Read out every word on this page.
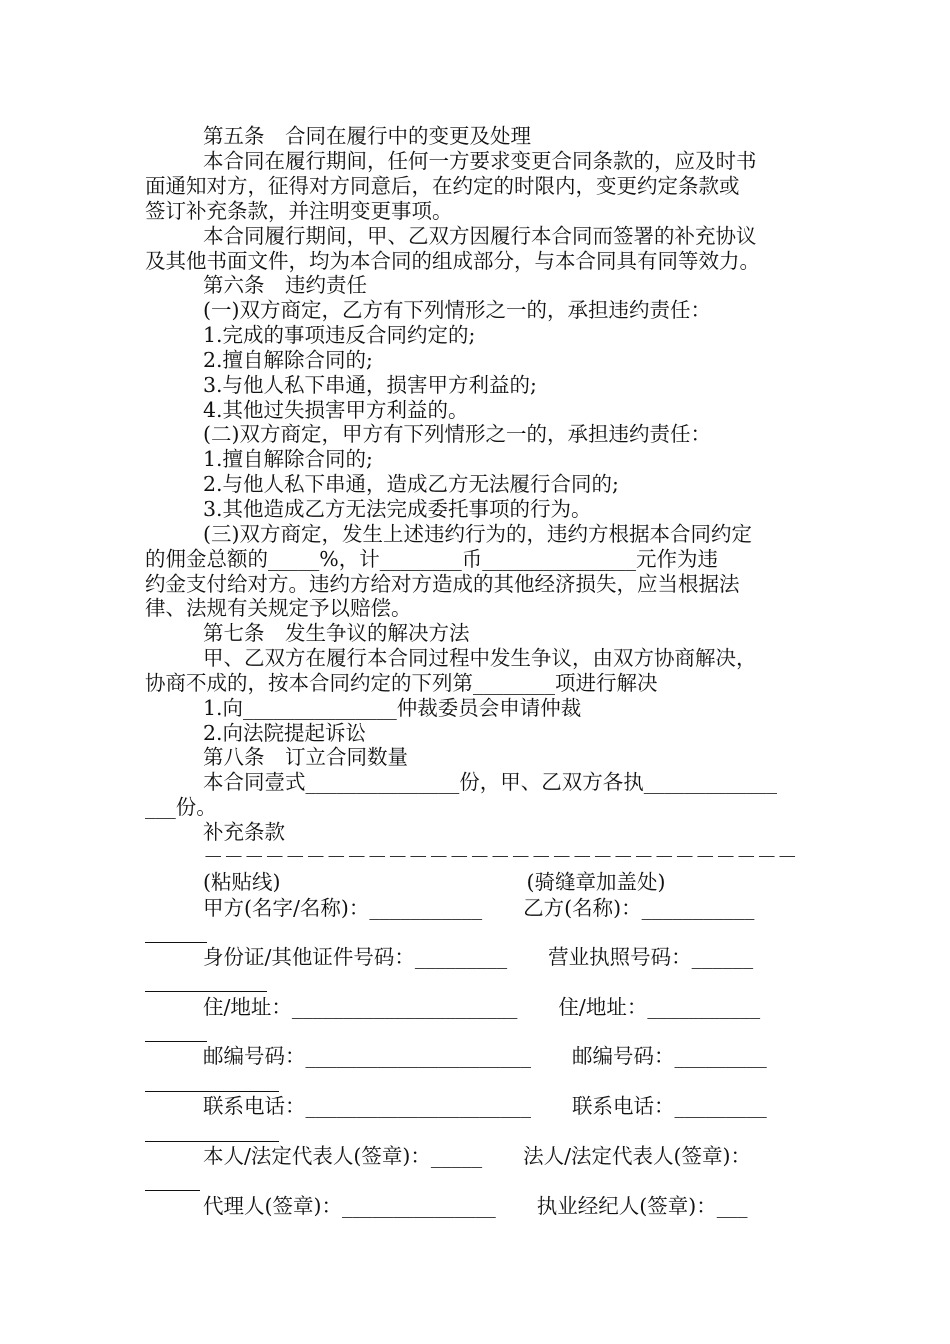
第五条　合同在履行中的变更及处理
本合同在履行期间，任何一方要求变更合同条款的，应及时书
面通知对方，征得对方同意后，在约定的时限内，变更约定条款或
签订补充条款，并注明变更事项。
本合同履行期间，甲、乙双方因履行本合同而签署的补充协议
及其他书面文件，均为本合同的组成部分，与本合同具有同等效力。
第六条　违约责任
(一)双方商定，乙方有下列情形之一的，承担违约责任：
1.完成的事项违反合同约定的;
2.擅自解除合同的;
3.与他人私下串通，损害甲方利益的;
4.其他过失损害甲方利益的。
(二)双方商定，甲方有下列情形之一的，承担违约责任：
1.擅自解除合同的;
2.与他人私下串通，造成乙方无法履行合同的;
3.其他造成乙方无法完成委托事项的行为。
(三)双方商定，发生上述违约行为的，违约方根据本合同约定
的佣金总额的_____%，计________币_______________元作为违
约金支付给对方。违约方给对方造成的其他经济损失，应当根据法
律、法规有关规定予以赔偿。
第七条　发生争议的解决方法
甲、乙双方在履行本合同过程中发生争议，由双方协商解决，
协商不成的，按本合同约定的下列第________项进行解决
1.向_______________仲裁委员会申请仲裁
2.向法院提起诉讼
第八条　订立合同数量
本合同壹式_______________份，甲、乙双方各执_____________
___份。
补充条款
－－－－－－－－－－－－－－－－－－－－－－－－－－－－－
(粘贴线)　　　　　　　　　　　　(骑缝章加盖处)
甲方(名字/名称)：___________　　乙方(名称)：___________
身份证/其他证件号码：_________　　营业执照号码：______
住/地址：______________________　　住/地址：___________
邮编号码：______________________　　邮编号码：_________
联系电话：______________________　　联系电话：_________
本人/法定代表人(签章)：_____　　法人/法定代表人(签章)：
代理人(签章)：_______________　　执业经纪人(签章)：___
